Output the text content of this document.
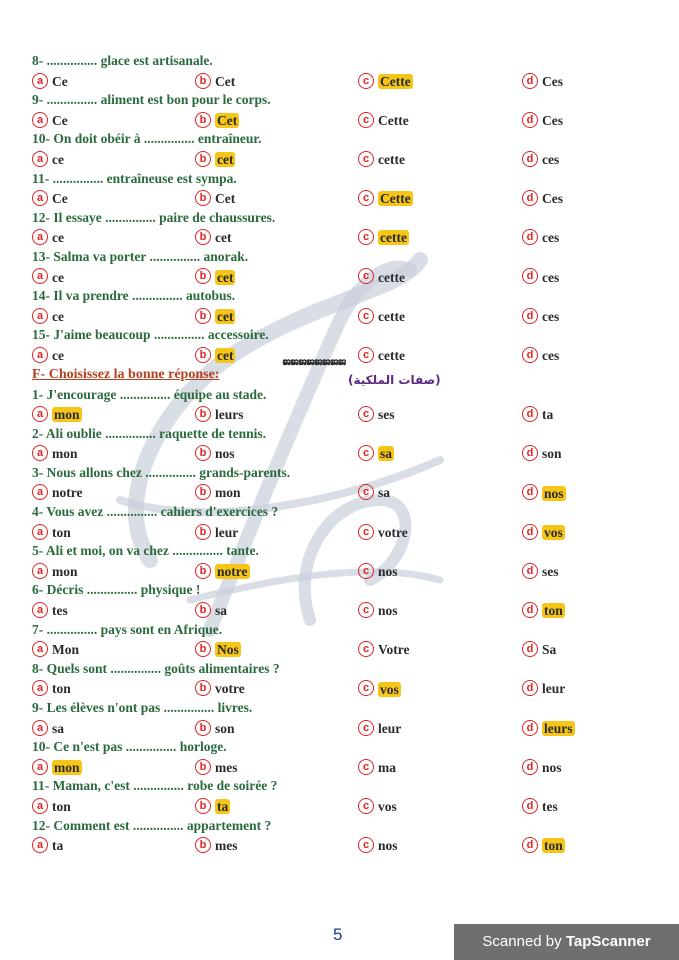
8- ............... glace est artisanale.
a Ce	b Cet	c Cette	d Ces
9- ............... aliment est bon pour le corps.
a Ce	b Cet	c Cette	d Ces
10- On doit obéir à ............... entraîneur.
a ce	b cet	c cette	d ces
11- ............... entraîneuse est sympa.
a Ce	b Cet	c Cette	d Ces
12- Il essaye ............... paire de chaussures.
a ce	b cet	c cette	d ces
13- Salma va porter ............... anorak.
a ce	b cet	c cette	d ces
14- Il va prendre ............... autobus.
a ce	b cet	c cette	d ces
15- J'aime beaucoup ............... accessoire.
a ce	b cet	c cette	d ces
F- Choisissez la bonne réponse:
ജജജജജജജജ
(صفات الملكية)
1- J'encourage ............... équipe au stade.
a mon	b leurs	c ses	d ta
2- Ali oublie ............... raquette de tennis.
a mon	b nos	c sa	d son
3- Nous allons chez ............... grands-parents.
a notre	b mon	c sa	d nos
4- Vous avez ............... cahiers d'exercices ?
a ton	b leur	c votre	d vos
5- Ali et moi, on va chez ............... tante.
a mon	b notre	c nos	d ses
6- Décris ............... physique !
a tes	b sa	c nos	d ton
7- ............... pays sont en Afrique.
a Mon	b Nos	c Votre	d Sa
8- Quels sont ............... goûts alimentaires ?
a ton	b votre	c vos	d leur
9- Les élèves n'ont pas ............... livres.
a sa	b son	c leur	d leurs
10- Ce n'est pas ............... horloge.
a mon	b mes	c ma	d nos
11- Maman, c'est ............... robe de soirée ?
a ton	b ta	c vos	d tes
12- Comment est ............... appartement ?
a ta	b mes	c nos	d ton
5	Scanned by TapScanner
